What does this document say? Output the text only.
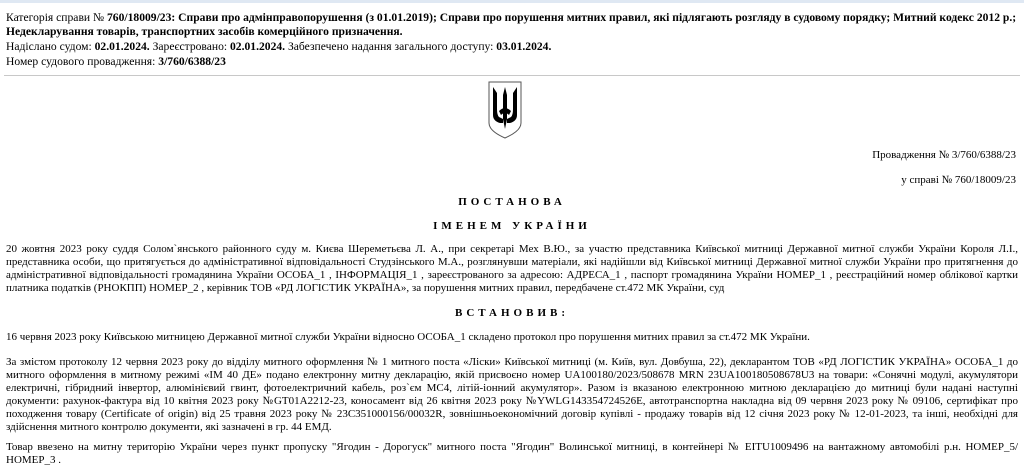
Категорія справи № 760/18009/23: Справи про адмінправопорушення (з 01.01.2019); Справи про порушення митних правил, які підлягають розгляду в судовому порядку; Митний кодекс 2012 р.; Недекларування товарів, транспортних засобів комерційного призначення.
Надіслано судом: 02.01.2024. Зареєстровано: 02.01.2024. Забезпечено надання загального доступу: 03.01.2024.
Номер судового провадження: 3/760/6388/23
Провадження № 3/760/6388/23
у справі № 760/18009/23
ПОСТАНОВА
ІМЕНЕМ УКРАЇНИ
20 жовтня 2023 року суддя Солом`янського районного суду м. Києва Шереметьєва Л. А., при секретарі Мех В.Ю., за участю представника Київської митниці Державної митної служби України Короля Л.І., представника особи, що притягується до адміністративної відповідальності Студзінського М.А., розглянувши матеріали, які надійшли від Київської митниці Державної митної служби України про притягнення до адміністративної відповідальності громадянина України ОСОБА_1 , ІНФОРМАЦІЯ_1 , зареєстрованого за адресою: АДРЕСА_1 , паспорт громадянина України НОМЕР_1 , реєстраційний номер облікової картки платника податків (РНОКПП) НОМЕР_2 , керівник ТОВ «РД ЛОГІСТИК УКРАЇНА», за порушення митних правил, передбачене ст.472 МК України, суд
ВСТАНОВИВ:
16 червня 2023 року Київською митницею Державної митної служби України відносно ОСОБА_1 складено протокол про порушення митних правил за ст.472 МК України.
За змістом протоколу 12 червня 2023 року до відділу митного оформлення № 1 митного поста «Ліски» Київської митниці (м. Київ, вул. Довбуша, 22), декларантом ТОВ «РД ЛОГІСТИК УКРАЇНА» ОСОБА_1 до митного оформлення в митному режимі «ІМ 40 ДЕ» подано електронну митну декларацію, якій присвоєно номер UA100180/2023/508678 MRN 23UA100180508678U3 на товари: «Сонячні модулі, акумулятори електричні, гібридний інвертор, алюмінієвий гвинт, фотоелектричний кабель, роз`єм MC4, літій-іонний акумулятор». Разом із вказаною електронною митною декларацією до митниці були надані наступні документи: рахунок-фактура від 10 квітня 2023 року №GT01A2212-23, коносамент від 26 квітня 2023 року №YWLG143354724526E, автотранспортна накладна від 09 червня 2023 року № 09106, сертифікат про походження товару (Certificate of origin) від 25 травня 2023 року № 23C351000156/00032R, зовнішньоекономічний договір купівлі - продажу товарів від 12 січня 2023 року № 12-01-2023, та інші, необхідні для здійснення митного контролю документи, які зазначені в гр. 44 ЕМД.
Товар ввезено на митну територію України через пункт пропуску "Ягодин - Дорогуск" митного поста "Ягодин" Волинської митниці, в контейнері № EITU1009496 на вантажному автомобілі р.н. НОМЕР_5/ НОМЕР_3 .
